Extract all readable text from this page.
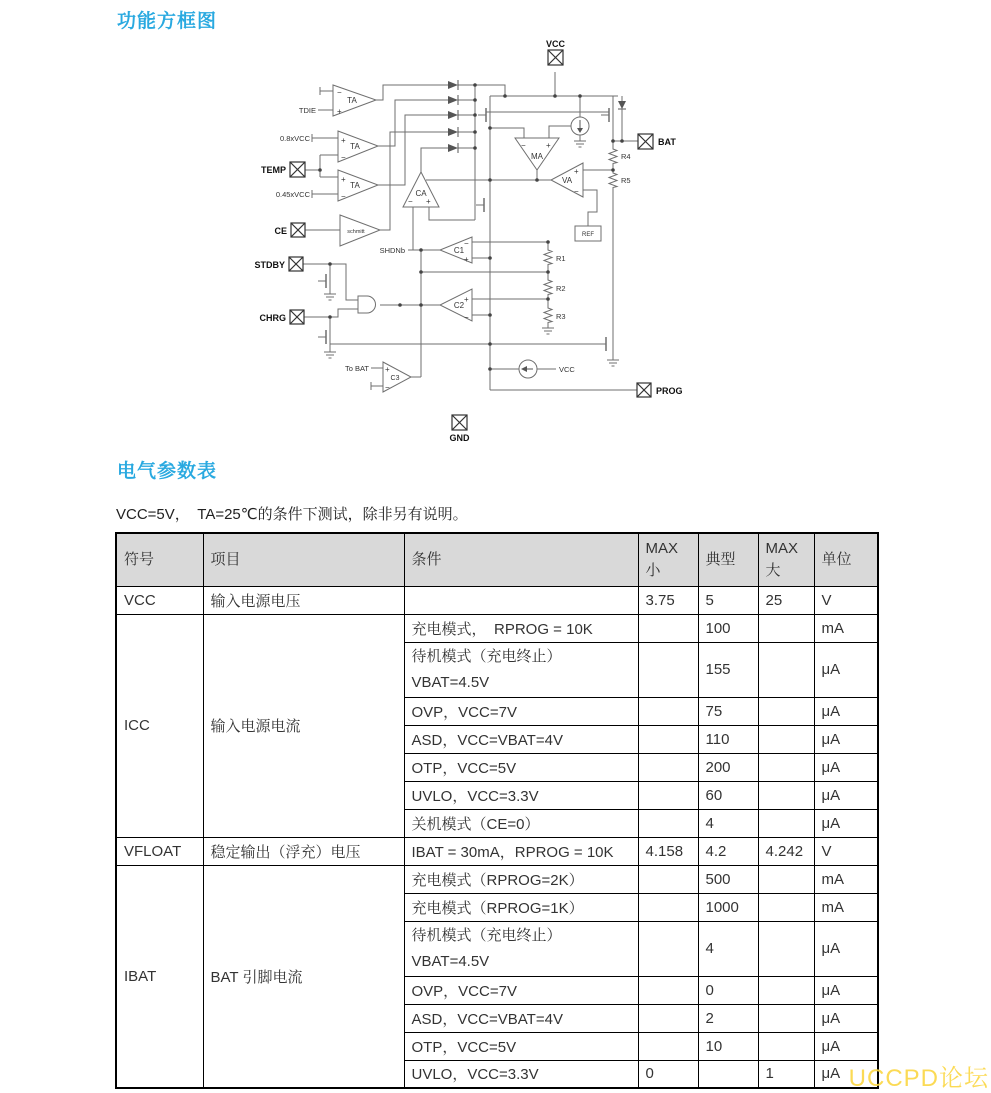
功能方框图
VCC
BAT
TEMP
CE
STDBY
CHRG
PROG
GND
TA
TA
TA
schmitt
CA
C1
C2
C3
MA
VA
REF
TDIE
0.8xVCC
0.45xVCC
SHDNb
To BAT	VCC
R1
R2
R3
R4
R5
−
+
+
−
+
−
− +
−
+
+
−
+
−
−	+
+
−
电气参数表
VCC=5V，　TA=25℃的条件下测试，除非另有说明。
符号	项目	条件	MAX小	典型	MAX大	单位
VCC	输入电源电压		3.75	5	25	V
ICC	输入电源电流	充电模式，　RPROG = 10K		100		mA

		待机模式（充电终止）
VBAT=4.5V		155		μA
		OVP，VCC=7V		75		μA
		ASD，VCC=VBAT=4V		110		μA
		OTP，VCC=5V		200		μA
		UVLO，VCC=3.3V		60		μA
		关机模式（CE=0）		4		μA
VFLOAT	稳定输出（浮充）电压	IBAT = 30mA，RPROG = 10K	4.158	4.2	4.242	V
IBAT	BAT 引脚电流	充电模式（RPROG=2K）		500		mA
		充电模式（RPROG=1K）		1000		mA

		待机模式（充电终止）
VBAT=4.5V		4		μA
		OVP，VCC=7V		0		μA
		ASD，VCC=VBAT=4V		2		μA
		OTP，VCC=5V		10		μA
		UVLO，VCC=3.3V	0		1	μA UCCPD论坛
